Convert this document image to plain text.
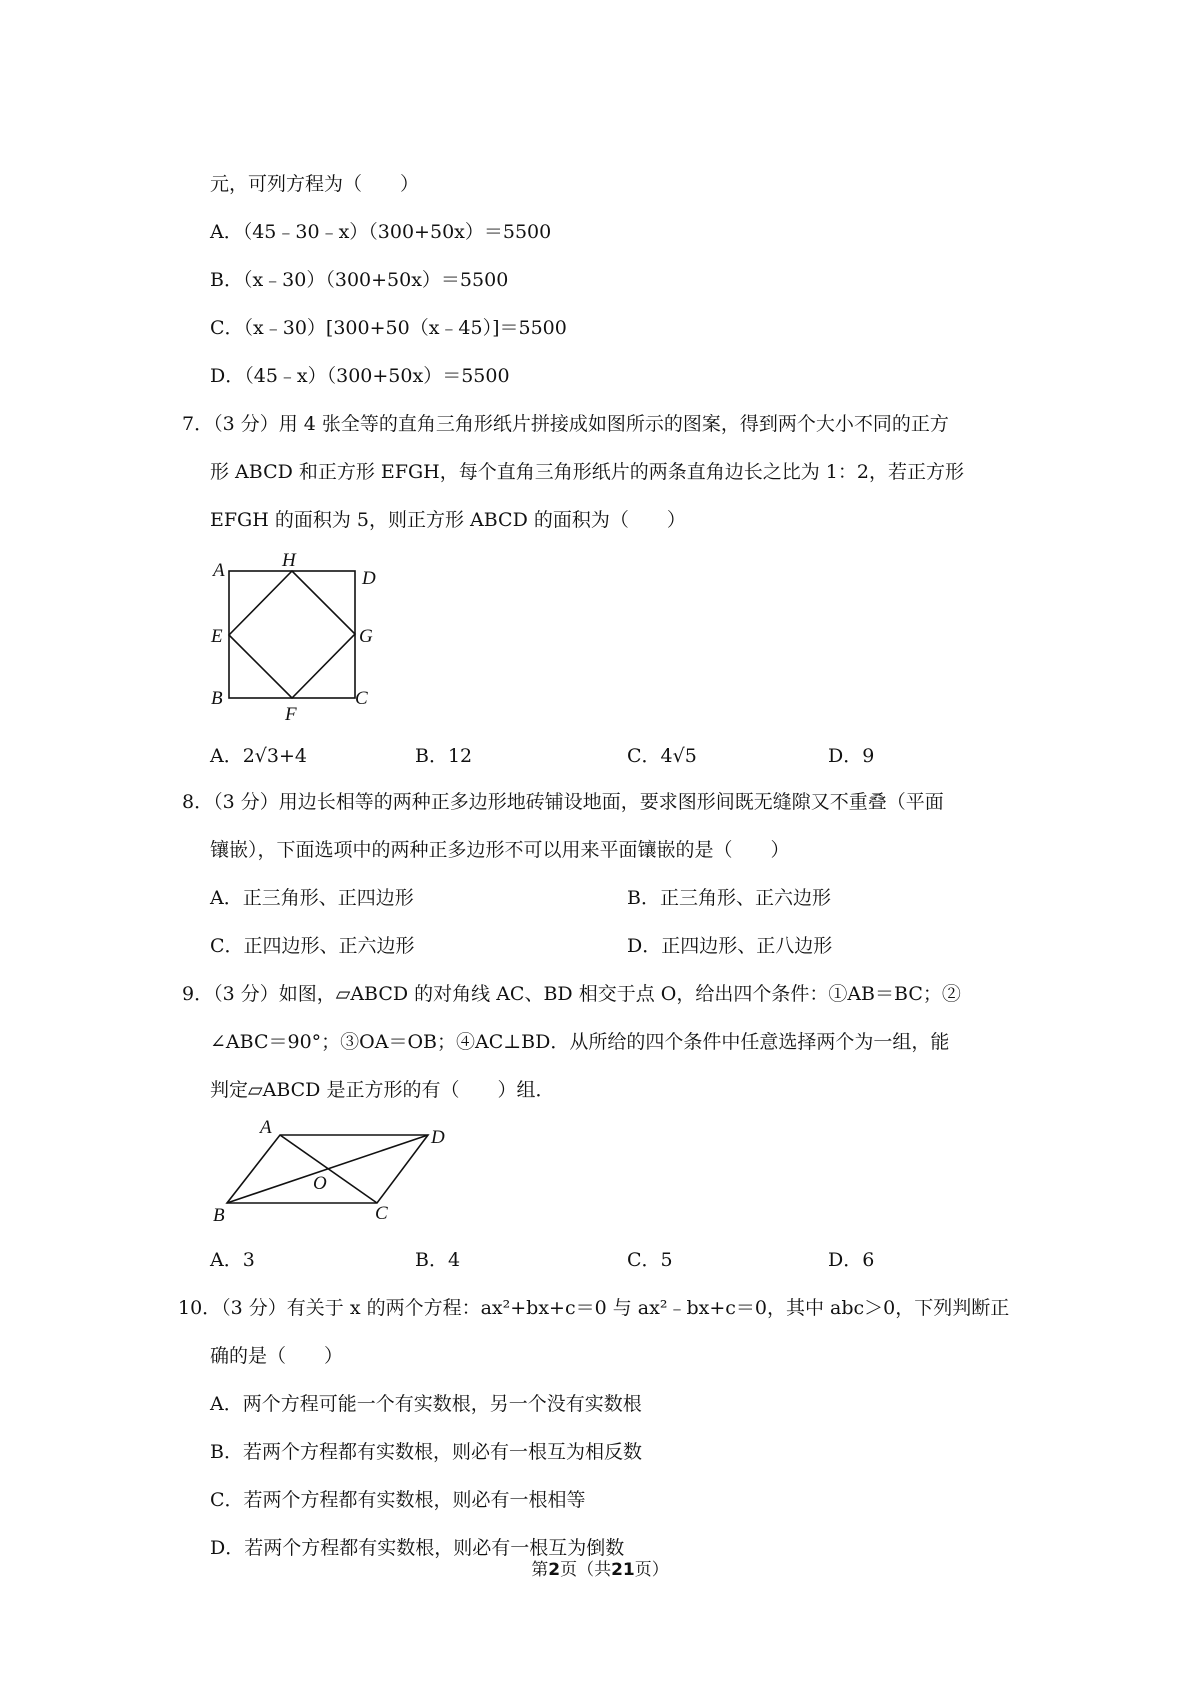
元，可列方程为（　　）
A．（45﹣30﹣x）（300+50x）＝5500
B．（x﹣30）（300+50x）＝5500
C．（x﹣30）[300+50（x﹣45）]＝5500
D．（45﹣x）（300+50x）＝5500
7．（3 分）用 4 张全等的直角三角形纸片拼接成如图所示的图案，得到两个大小不同的正方
形 ABCD 和正方形 EFGH，每个直角三角形纸片的两条直角边长之比为 1：2，若正方形
EFGH 的面积为 5，则正方形 ABCD 的面积为（　　）
A	H
D
E	G
B
F
C
A．2√3+4	B．12	C．4√5	D．9
8．（3 分）用边长相等的两种正多边形地砖铺设地面，要求图形间既无缝隙又不重叠（平面
镶嵌），下面选项中的两种正多边形不可以用来平面镶嵌的是（　　）
A．正三角形、正四边形	B．正三角形、正六边形
C．正四边形、正六边形	D．正四边形、正八边形
9．（3 分）如图，▱ABCD 的对角线 AC、BD 相交于点 O，给出四个条件：①AB＝BC；②
∠ABC＝90°；③OA＝OB；④AC⊥BD．从所给的四个条件中任意选择两个为一组，能
判定▱ABCD 是正方形的有（　　）组．
A	D
O
B	C
A．3	B．4	C．5	D．6
10．（3 分）有关于 x 的两个方程：ax²+bx+c＝0 与 ax²﹣bx+c＝0，其中 abc＞0，下列判断正
确的是（　　）
A．两个方程可能一个有实数根，另一个没有实数根
B．若两个方程都有实数根，则必有一根互为相反数
C．若两个方程都有实数根，则必有一根相等
D．若两个方程都有实数根，则必有一根互为倒数
第2页（共21页）
